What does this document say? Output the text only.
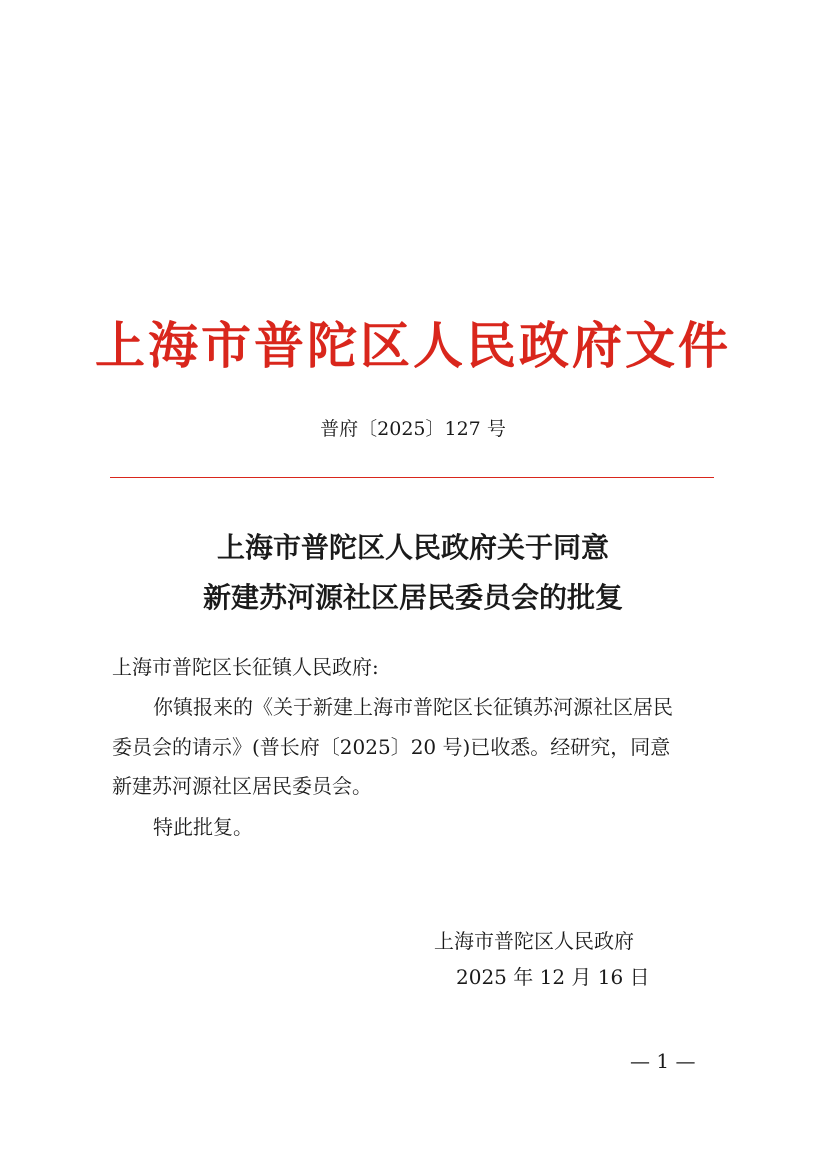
上海市普陀区人民政府文件
普府〔2025〕127 号
上海市普陀区人民政府关于同意
新建苏河源社区居民委员会的批复
上海市普陀区长征镇人民政府:
你镇报来的《关于新建上海市普陀区长征镇苏河源社区居民
委员会的请示》(普长府〔2025〕20 号)已收悉。经研究，同意
新建苏河源社区居民委员会。
特此批复。
上海市普陀区人民政府
2025 年 12 月 16 日
— 1 —
